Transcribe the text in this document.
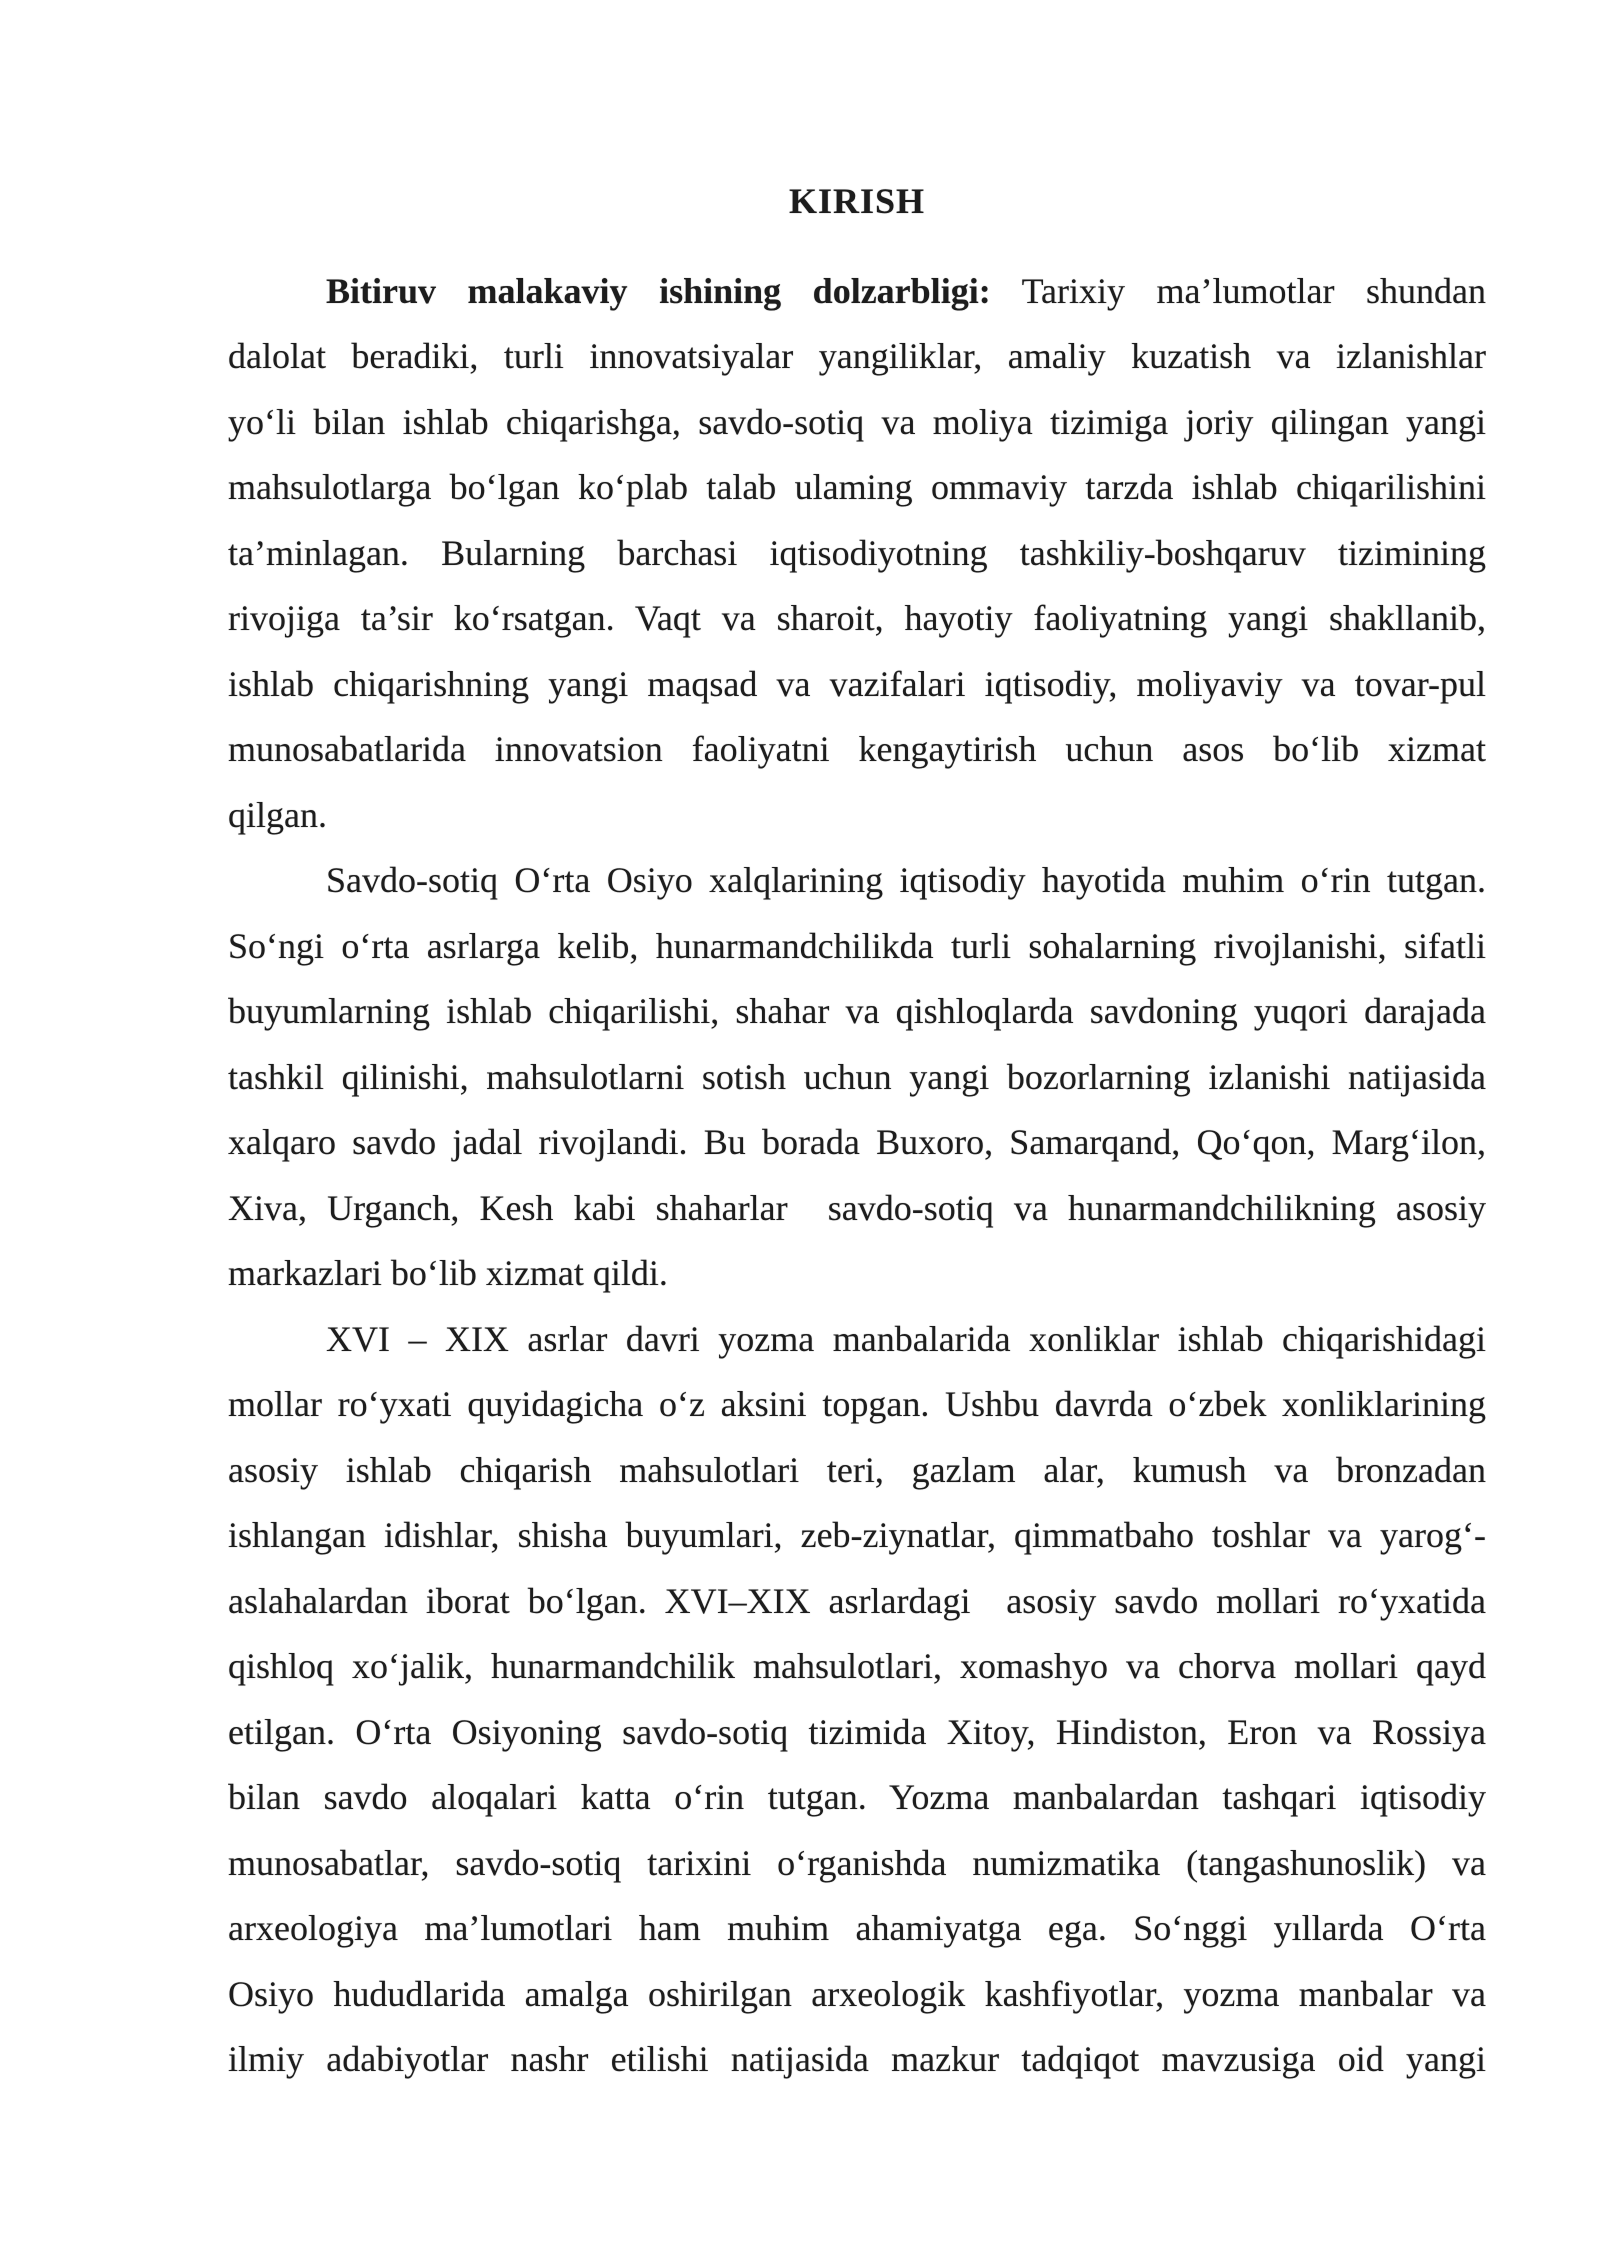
KIRISH
Bitiruv malakaviy ishining dolzarbligi: Tarixiy ma’lumotlar shundan
dalolat beradiki, turli innovatsiyalar yangiliklar, amaliy kuzatish va izlanishlar
yo‘li bilan ishlab chiqarishga, savdo-sotiq va moliya tizimiga joriy qilingan yangi
mahsulotlarga bo‘lgan ko‘plab talab ulaming ommaviy tarzda ishlab chiqarilishini
ta’minlagan. Bularning barchasi iqtisodiyotning tashkiliy-boshqaruv tizimining
rivojiga ta’sir ko‘rsatgan. Vaqt va sharoit, hayotiy faoliyatning yangi shakllanib,
ishlab chiqarishning yangi maqsad va vazifalari iqtisodiy, moliyaviy va tovar-pul
munosabatlarida innovatsion faoliyatni kengaytirish uchun asos bo‘lib xizmat
qilgan.
Savdo-sotiq O‘rta Osiyo xalqlarining iqtisodiy hayotida muhim o‘rin tutgan.
So‘ngi o‘rta asrlarga kelib, hunarmandchilikda turli sohalarning rivojlanishi, sifatli
buyumlarning ishlab chiqarilishi, shahar va qishloqlarda savdoning yuqori darajada
tashkil qilinishi, mahsulotlarni sotish uchun yangi bozorlarning izlanishi natijasida
xalqaro savdo jadal rivojlandi. Bu borada Buxoro, Samarqand, Qo‘qon, Marg‘ilon,
Xiva, Urganch, Kesh kabi shaharlar  savdo-sotiq va hunarmandchilikning asosiy
markazlari bo‘lib xizmat qildi.
XVI – XIX asrlar davri yozma manbalarida xonliklar ishlab chiqarishidagi
mollar ro‘yxati quyidagicha o‘z aksini topgan. Ushbu davrda o‘zbek xonliklarining
asosiy ishlab chiqarish mahsulotlari teri, gazlam alar, kumush va bronzadan
ishlangan idishlar, shisha buyumlari, zeb-ziynatlar, qimmatbaho toshlar va yarog‘-
aslahalardan iborat bo‘lgan. XVI–XIX asrlardagi  asosiy savdo mollari ro‘yxatida
qishloq xo‘jalik, hunarmandchilik mahsulotlari, xomashyo va chorva mollari qayd
etilgan. O‘rta Osiyoning savdo-sotiq tizimida Xitoy, Hindiston, Eron va Rossiya
bilan savdo aloqalari katta o‘rin tutgan. Yozma manbalardan tashqari iqtisodiy
munosabatlar, savdo-sotiq tarixini o‘rganishda numizmatika (tangashunoslik) va
arxeologiya ma’lumotlari ham muhim ahamiyatga ega. So‘nggi yıllarda O‘rta
Osiyo hududlarida amalga oshirilgan arxeologik kashfiyotlar, yozma manbalar va
ilmiy adabiyotlar nashr etilishi natijasida mazkur tadqiqot mavzusiga oid yangi
